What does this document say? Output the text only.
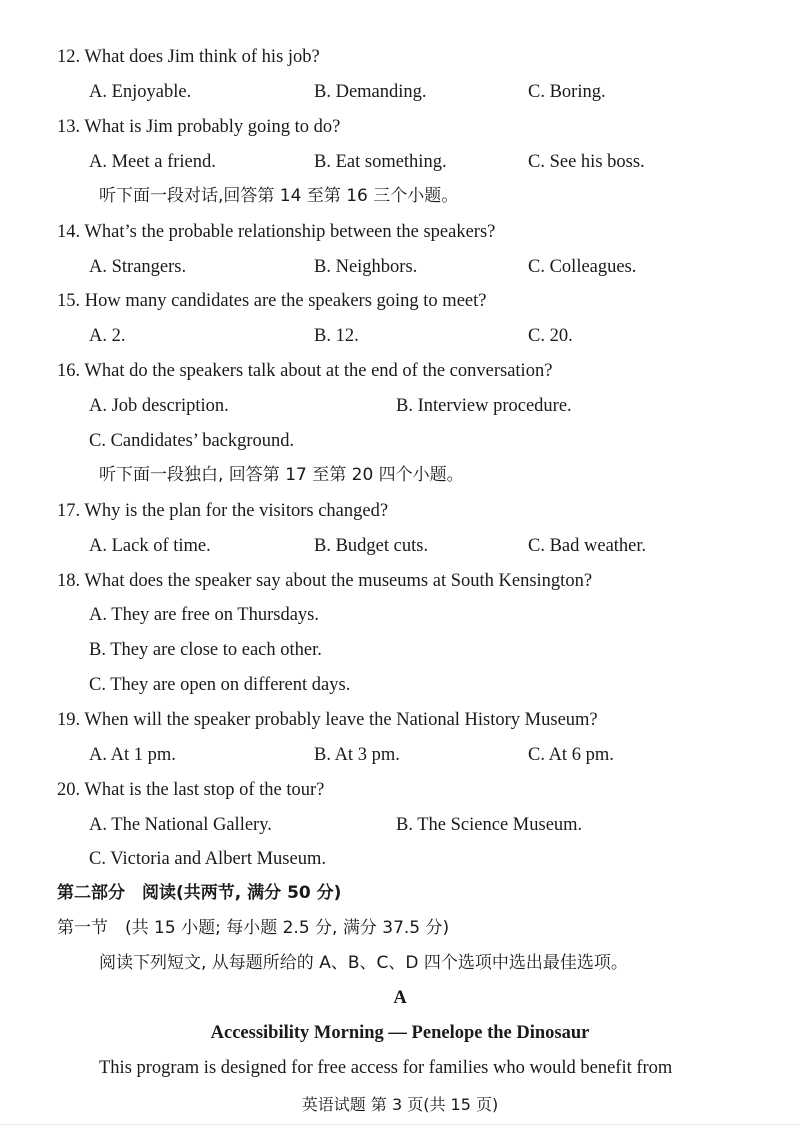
12. What does Jim think of his job?
A. Enjoyable.	B. Demanding.	C. Boring.
13. What is Jim probably going to do?
A. Meet a friend.	B. Eat something.	C. See his boss.
听下面一段对话,回答第 14 至第 16 三个小题。
14. What’s the probable relationship between the speakers?
A. Strangers.	B. Neighbors.	C. Colleagues.
15. How many candidates are the speakers going to meet?
A. 2.	B. 12.	C. 20.
16. What do the speakers talk about at the end of the conversation?
A. Job description.	B. Interview procedure.
C. Candidates’ background.
听下面一段独白, 回答第 17 至第 20 四个小题。
17. Why is the plan for the visitors changed?
A. Lack of time.	B. Budget cuts.	C. Bad weather.
18. What does the speaker say about the museums at South Kensington?
A. They are free on Thursdays.
B. They are close to each other.
C. They are open on different days.
19. When will the speaker probably leave the National History Museum?
A. At 1 pm.	B. At 3 pm.	C. At 6 pm.
20. What is the last stop of the tour?
A. The National Gallery.	B. The Science Museum.
C. Victoria and Albert Museum.
第二部分　阅读(共两节, 满分 50 分)
第一节　(共 15 小题; 每小题 2.5 分, 满分 37.5 分)
阅读下列短文, 从每题所给的 A、B、C、D 四个选项中选出最佳选项。
A
Accessibility Morning — Penelope the Dinosaur
This program is designed for free access for families who would benefit from
英语试题 第 3 页(共 15 页)
